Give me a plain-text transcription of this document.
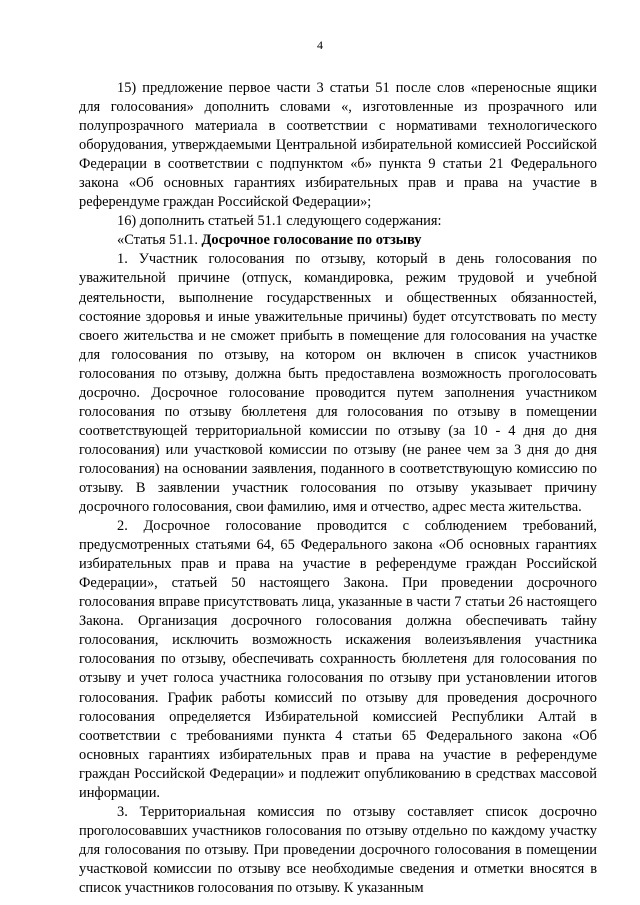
4

15) предложение первое части 3 статьи 51 после слов «переносные ящики для голосования» дополнить словами «, изготовленные из прозрачного или полупрозрачного материала в соответствии с нормативами технологического оборудования, утверждаемыми Центральной избирательной комиссией Российской Федерации в соответствии с подпунктом «б» пункта 9 статьи 21 Федерального закона «Об основных гарантиях избирательных прав и права на участие в референдуме граждан Российской Федерации»;

16) дополнить статьей 51.1 следующего содержания:

«Статья 51.1. Досрочное голосование по отзыву

1. Участник голосования по отзыву, который в день голосования по уважительной причине (отпуск, командировка, режим трудовой и учебной деятельности, выполнение государственных и общественных обязанностей, состояние здоровья и иные уважительные причины) будет отсутствовать по месту своего жительства и не сможет прибыть в помещение для голосования на участке для голосования по отзыву, на котором он включен в список участников голосования по отзыву, должна быть предоставлена возможность проголосовать досрочно. Досрочное голосование проводится путем заполнения участником голосования по отзыву бюллетеня для голосования по отзыву в помещении соответствующей территориальной комиссии по отзыву (за 10 - 4 дня до дня голосования) или участковой комиссии по отзыву (не ранее чем за 3 дня до дня голосования) на основании заявления, поданного в соответствующую комиссию по отзыву. В заявлении участник голосования по отзыву указывает причину досрочного голосования, свои фамилию, имя и отчество, адрес места жительства.

2. Досрочное голосование проводится с соблюдением требований, предусмотренных статьями 64, 65 Федерального закона «Об основных гарантиях избирательных прав и права на участие в референдуме граждан Российской Федерации», статьей 50 настоящего Закона. При проведении досрочного голосования вправе присутствовать лица, указанные в части 7 статьи 26 настоящего Закона. Организация досрочного голосования должна обеспечивать тайну голосования, исключить возможность искажения волеизъявления участника голосования по отзыву, обеспечивать сохранность бюллетеня для голосования по отзыву и учет голоса участника голосования по отзыву при установлении итогов голосования. График работы комиссий по отзыву для проведения досрочного голосования определяется Избирательной комиссией Республики Алтай в соответствии с требованиями пункта 4 статьи 65 Федерального закона «Об основных гарантиях избирательных прав и права на участие в референдуме граждан Российской Федерации» и подлежит опубликованию в средствах массовой информации.

3. Территориальная комиссия по отзыву составляет список досрочно проголосовавших участников голосования по отзыву отдельно по каждому участку для голосования по отзыву. При проведении досрочного голосования в помещении участковой комиссии по отзыву все необходимые сведения и отметки вносятся в список участников голосования по отзыву. К указанным
